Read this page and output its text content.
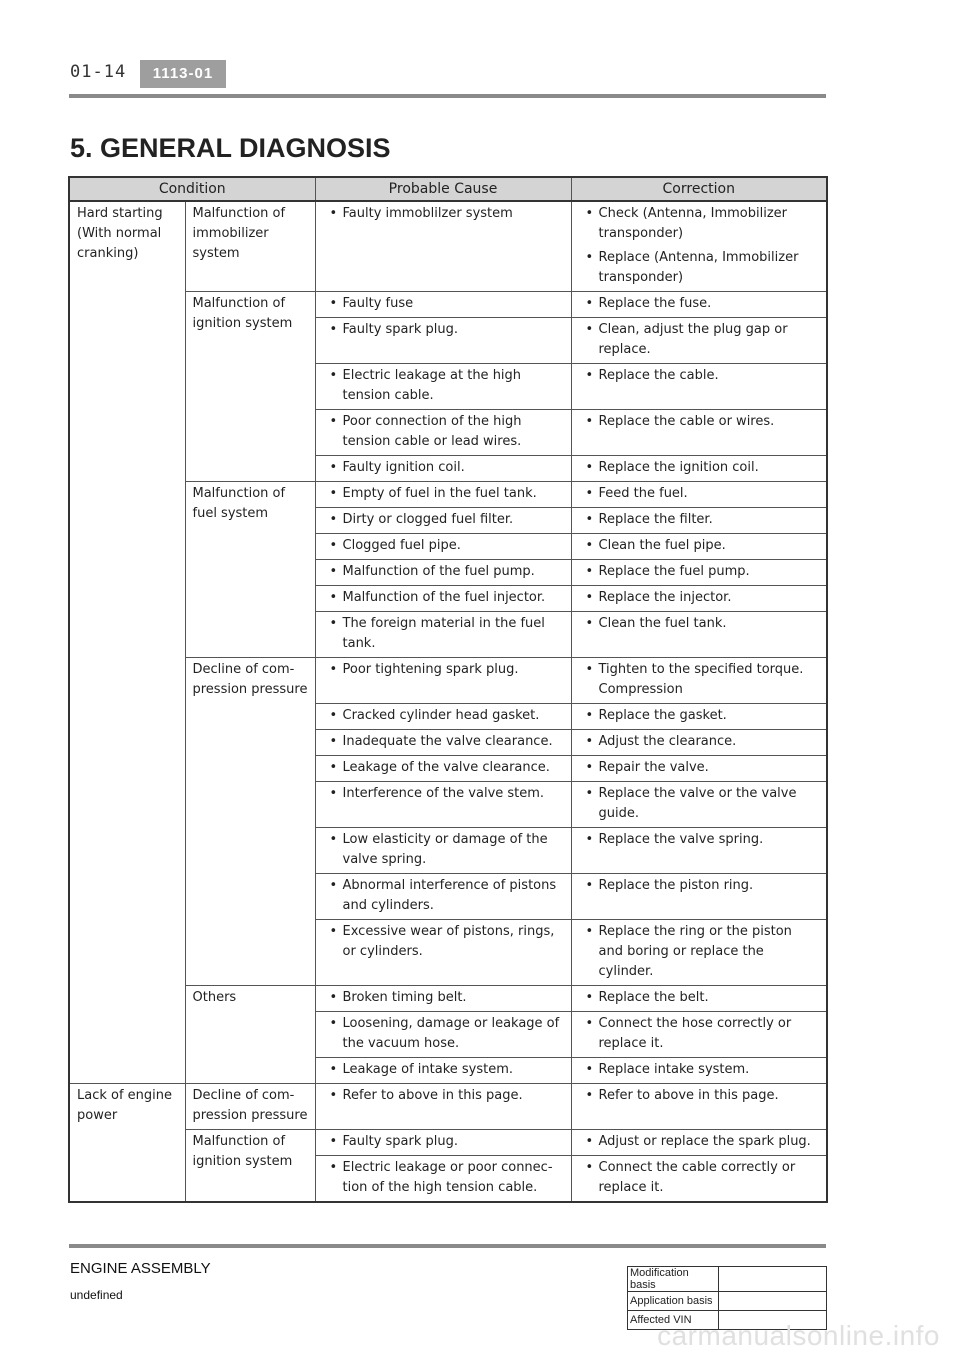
01-14	1113-01
5. GENERAL DIAGNOSIS
Condition		Probable Cause	Correction
Hard starting (With normal cranking)	Malfunction of immobilizer system	• Faulty immoblilzer system	• Check (Antenna, Immobilizer transponder)
• Replace (Antenna, Immobilizer transponder)

	Malfunction of ignition system	• Faulty fuse	• Replace the fuse.

		• Faulty spark plug.	• Clean, adjust the plug gap or replace.

		• Electric leakage at the high tension cable.	• Replace the cable.

		• Poor connection of the high tension cable or lead wires.	• Replace the cable or wires.

		• Faulty ignition coil.	• Replace the ignition coil.

	Malfunction of fuel system	• Empty of fuel in the fuel tank.	• Feed the fuel.

		• Dirty or clogged fuel filter.	• Replace the filter.

		• Clogged fuel pipe.	• Clean the fuel pipe.

		• Malfunction of the fuel pump.	• Replace the fuel pump.

		• Malfunction of the fuel injector.	• Replace the injector.

		• The foreign material in the fuel tank.	• Clean the fuel tank.

	Decline of com- pression pressure	• Poor tightening spark plug.	• Tighten to the specified torque. Compression

		• Cracked cylinder head gasket.	• Replace the gasket.

		• Inadequate the valve clearance.	• Adjust the clearance.

		• Leakage of the valve clearance.	• Repair the valve.

		• Interference of the valve stem.	• Replace the valve or the valve guide.

		• Low elasticity or damage of the valve spring.	• Replace the valve spring.

		• Abnormal interference of pistons and cylinders.	• Replace the piston ring.

		• Excessive wear of pistons, rings, or cylinders.	• Replace the ring or the piston and boring or replace the cylinder.

	Others	• Broken timing belt.	• Replace the belt.

		• Loosening, damage or leakage of the vacuum hose.	• Connect the hose correctly or replace it.

		• Leakage of intake system.	• Replace intake system.

Lack of engine power	Decline of com- pression pressure	• Refer to above in this page.	• Refer to above in this page.

	Malfunction of ignition system	• Faulty spark plug.	• Adjust or replace the spark plug.

		• Electric leakage or poor connec- tion of the high tension cable.	• Connect the cable correctly or replace it.
ENGINE ASSEMBLY
undefined
Modification basis	
Application basis	
Affected VIN	
carmanualsonline.info
